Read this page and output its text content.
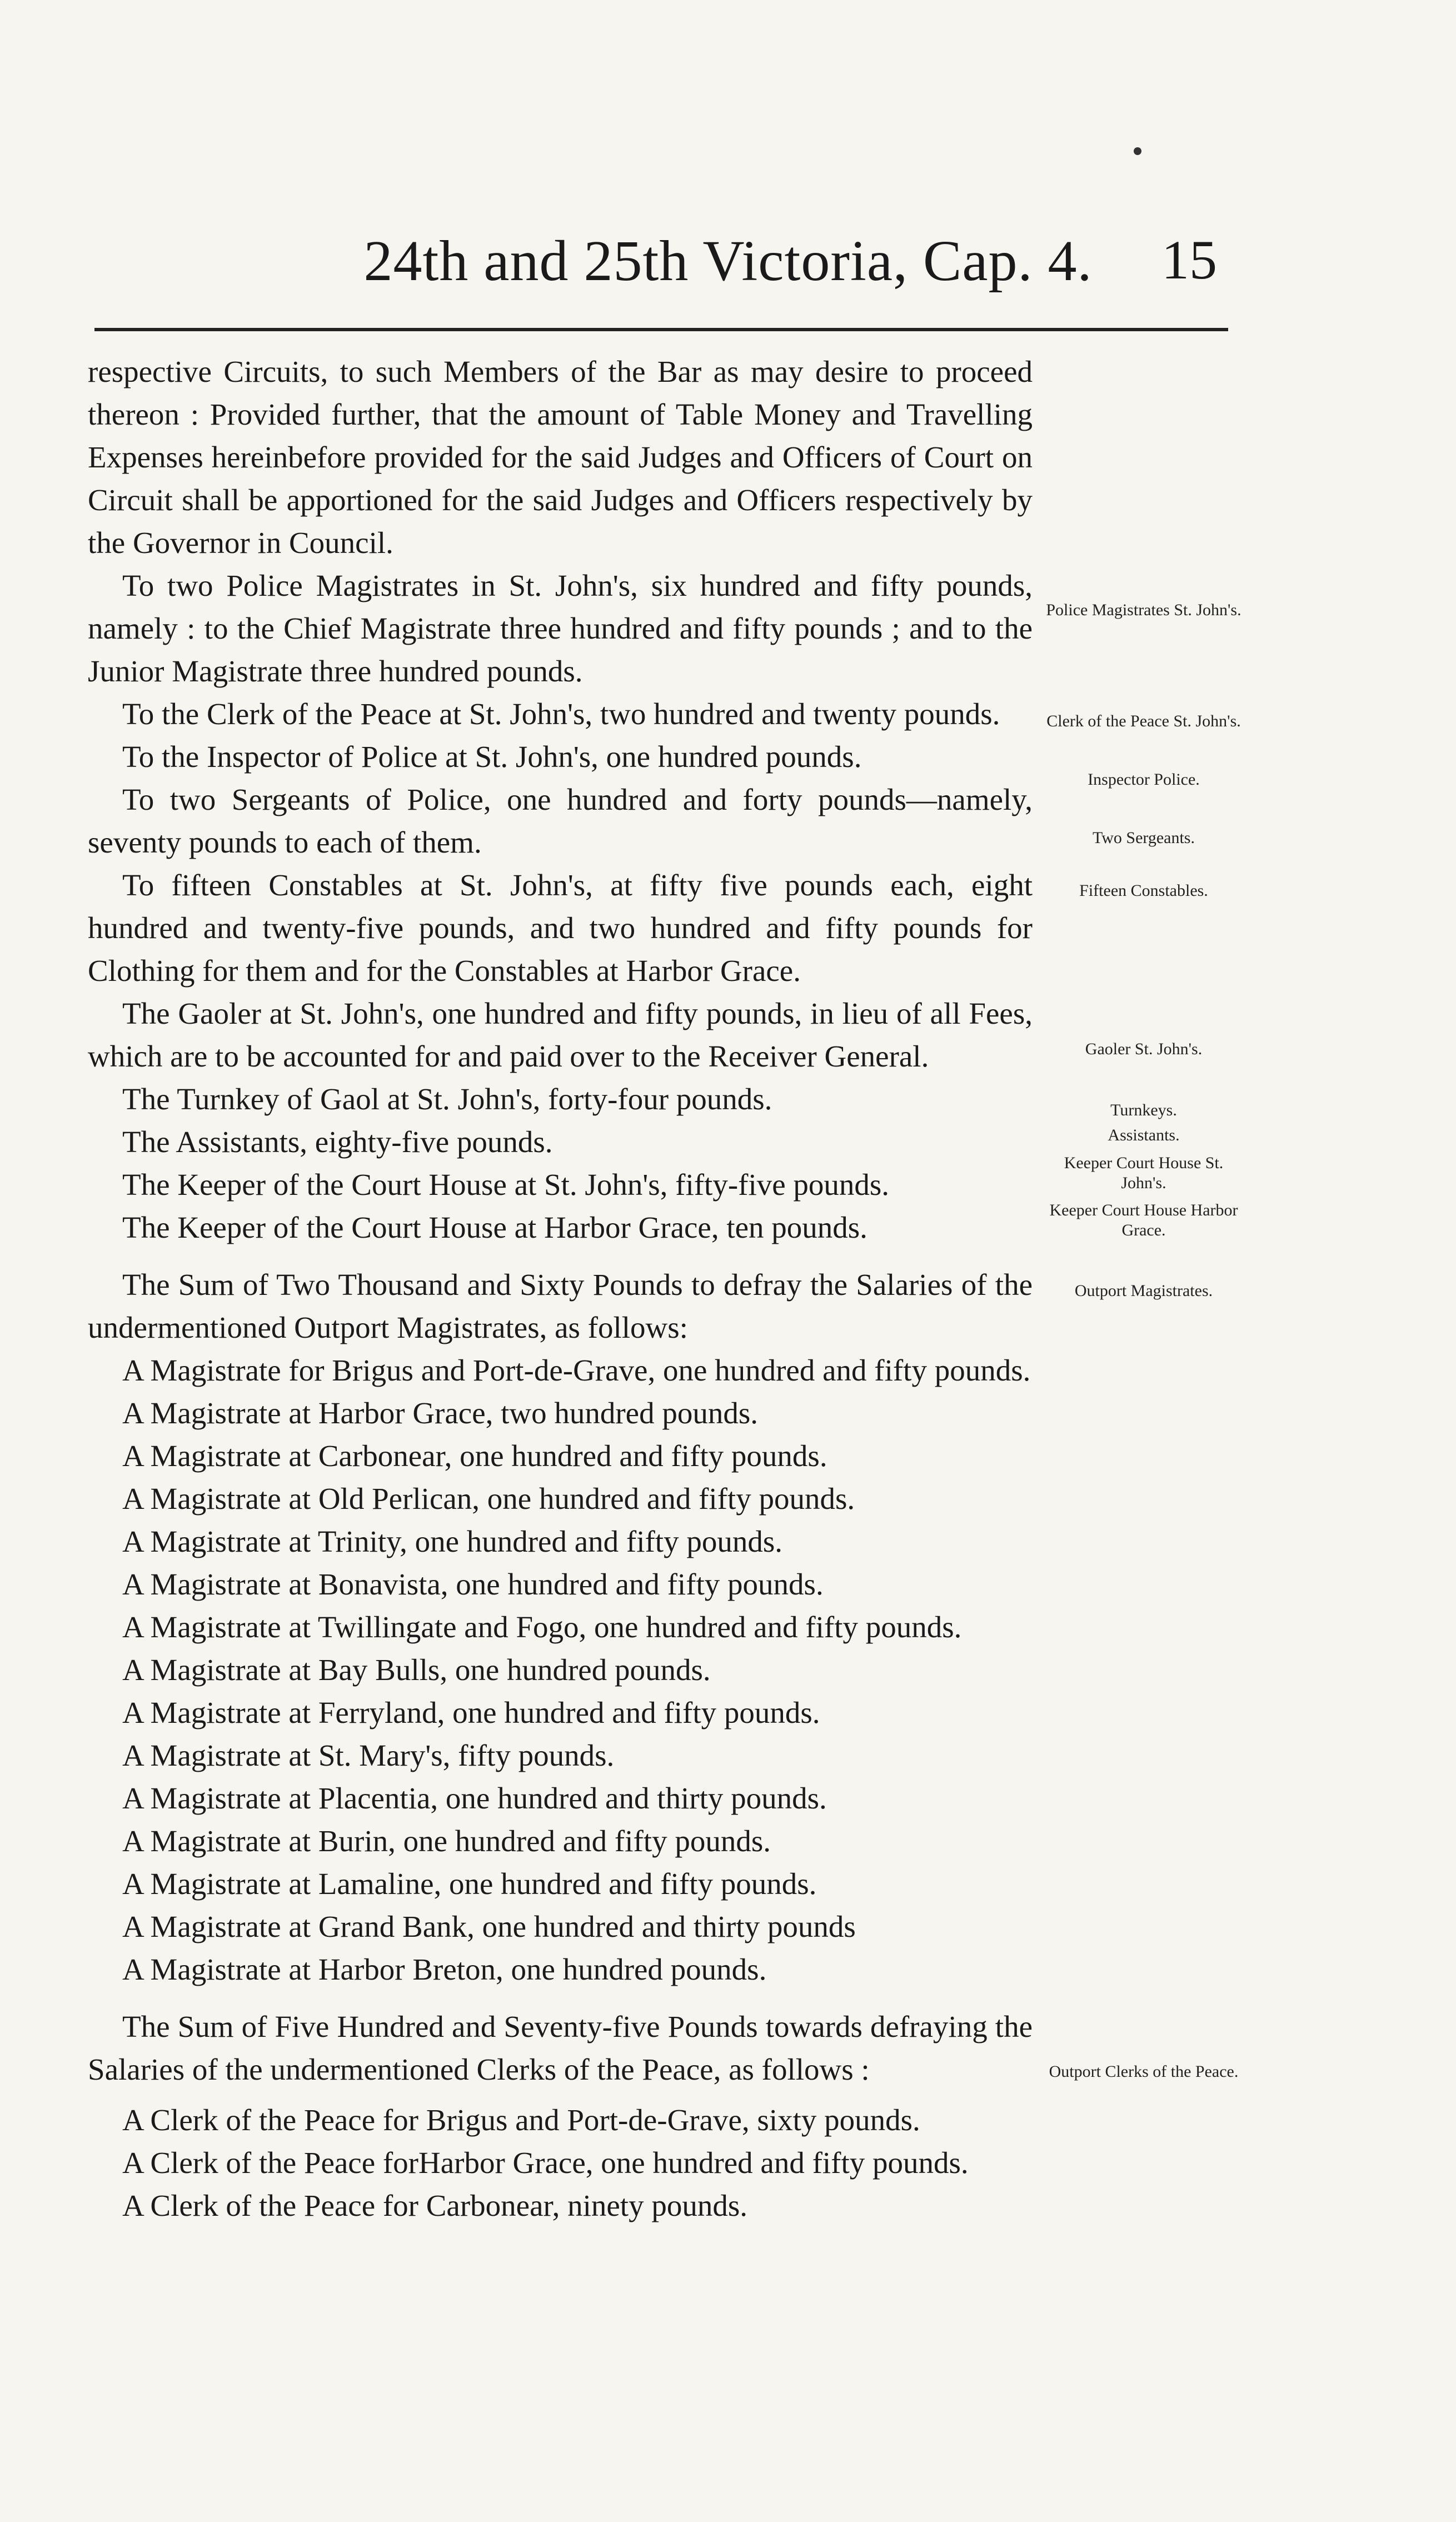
24th and 25th Victoria, Cap. 4.	15

respective Circuits, to such Members of the Bar as may desire to proceed thereon : Provided further, that the amount of Table Money and Travelling Expenses hereinbefore provided for the said Judges and Officers of Court on Circuit shall be apportioned for the said Judges and Officers respectively by the Governor in Council.

To two Police Magistrates in St. John's, six hundred and fifty pounds, namely : to the Chief Magistrate three hundred and fifty pounds ; and to the Junior Magistrate three hundred pounds.

To the Clerk of the Peace at St. John's, two hundred and twenty pounds.

To the Inspector of Police at St. John's, one hundred pounds.

To two Sergeants of Police, one hundred and forty pounds—namely, seventy pounds to each of them.

To fifteen Constables at St. John's, at fifty five pounds each, eight hundred and twenty-five pounds, and two hundred and fifty pounds for Clothing for them and for the Constables at Harbor Grace.

The Gaoler at St. John's, one hundred and fifty pounds, in lieu of all Fees, which are to be accounted for and paid over to the Receiver General.

The Turnkey of Gaol at St. John's, forty-four pounds.

The Assistants, eighty-five pounds.

The Keeper of the Court House at St. John's, fifty-five pounds.

The Keeper of the Court House at Harbor Grace, ten pounds.

The Sum of Two Thousand and Sixty Pounds to defray the Salaries of the undermentioned Outport Magistrates, as follows:

A Magistrate for Brigus and Port-de-Grave, one hundred and fifty pounds.

A Magistrate at Harbor Grace, two hundred pounds.

A Magistrate at Carbonear, one hundred and fifty pounds.

A Magistrate at Old Perlican, one hundred and fifty pounds.

A Magistrate at Trinity, one hundred and fifty pounds.

A Magistrate at Bonavista, one hundred and fifty pounds.

A Magistrate at Twillingate and Fogo, one hundred and fifty pounds.

A Magistrate at Bay Bulls, one hundred pounds.

A Magistrate at Ferryland, one hundred and fifty pounds.

A Magistrate at St. Mary's, fifty pounds.

A Magistrate at Placentia, one hundred and thirty pounds.

A Magistrate at Burin, one hundred and fifty pounds.

A Magistrate at Lamaline, one hundred and fifty pounds.

A Magistrate at Grand Bank, one hundred and thirty pounds

A Magistrate at Harbor Breton, one hundred pounds.

The Sum of Five Hundred and Seventy-five Pounds towards defraying the Salaries of the undermentioned Clerks of the Peace, as follows :

A Clerk of the Peace for Brigus and Port-de-Grave, sixty pounds.

A Clerk of the Peace forHarbor Grace, one hundred and fifty pounds.

A Clerk of the Peace for Carbonear, ninety pounds.

Police Magistrates St. John's.
Clerk of the Peace St. John's.
Inspector Police.
Two Sergeants.
Fifteen Constables.
Gaoler St. John's.
Turnkeys.
Assistants.
Keeper Court House St. John's.
Keeper Court House Harbor Grace.
Outport Magistrates.
Outport Clerks of the Peace.
